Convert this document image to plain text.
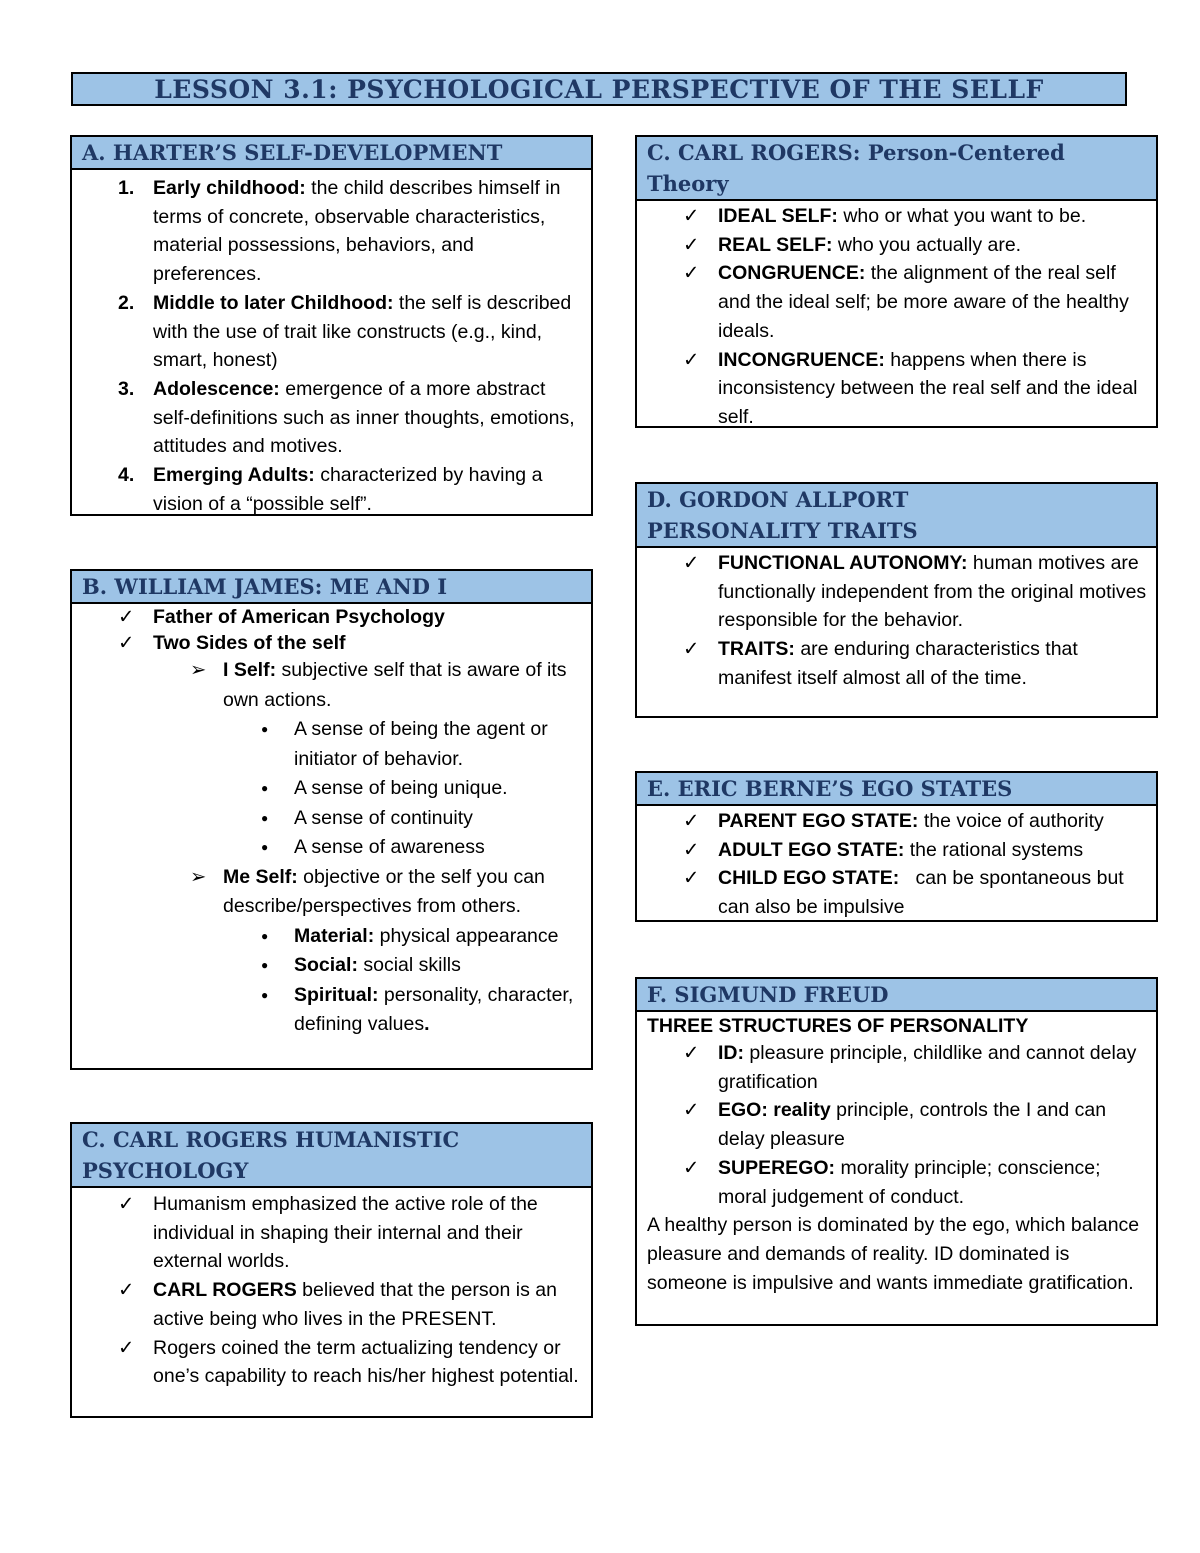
LESSON 3.1: PSYCHOLOGICAL PERSPECTIVE OF THE SELLF
A. HARTER’S SELF-DEVELOPMENT
1. Early childhood: the child describes himself in terms of concrete, observable characteristics, material possessions, behaviors, and preferences.
2. Middle to later Childhood: the self is described with the use of trait like constructs (e.g., kind, smart, honest)
3. Adolescence: emergence of a more abstract self-definitions such as inner thoughts, emotions, attitudes and motives.
4. Emerging Adults: characterized by having a vision of a “possible self”.
B. WILLIAM JAMES: ME AND I
✓ Father of American Psychology
✓ Two Sides of the self
➢ I Self: subjective self that is aware of its own actions.
● A sense of being the agent or initiator of behavior.
● A sense of being unique.
● A sense of continuity
● A sense of awareness
➢ Me Self: objective or the self you can describe/perspectives from others.
● Material: physical appearance
● Social: social skills
● Spiritual: personality, character, defining values.
C. CARL ROGERS HUMANISTIC PSYCHOLOGY
✓ Humanism emphasized the active role of the individual in shaping their internal and their external worlds.
✓ CARL ROGERS believed that the person is an active being who lives in the PRESENT.
✓ Rogers coined the term actualizing tendency or one’s capability to reach his/her highest potential.
C. CARL ROGERS: Person-Centered Theory
✓ IDEAL SELF: who or what you want to be.
✓ REAL SELF: who you actually are.
✓ CONGRUENCE: the alignment of the real self and the ideal self; be more aware of the healthy ideals.
✓ INCONGRUENCE: happens when there is inconsistency between the real self and the ideal self.
D. GORDON ALLPORT PERSONALITY TRAITS
✓ FUNCTIONAL AUTONOMY: human motives are functionally independent from the original motives responsible for the behavior.
✓ TRAITS: are enduring characteristics that manifest itself almost all of the time.
E. ERIC BERNE’S EGO STATES
✓ PARENT EGO STATE: the voice of authority
✓ ADULT EGO STATE: the rational systems
✓ CHILD EGO STATE:   can be spontaneous but can also be impulsive
F. SIGMUND FREUD
THREE STRUCTURES OF PERSONALITY
✓ ID: pleasure principle, childlike and cannot delay gratification
✓ EGO: reality principle, controls the I and can delay pleasure
✓ SUPEREGO: morality principle; conscience; moral judgement of conduct.
A healthy person is dominated by the ego, which balance pleasure and demands of reality. ID dominated is someone is impulsive and wants immediate gratification.
